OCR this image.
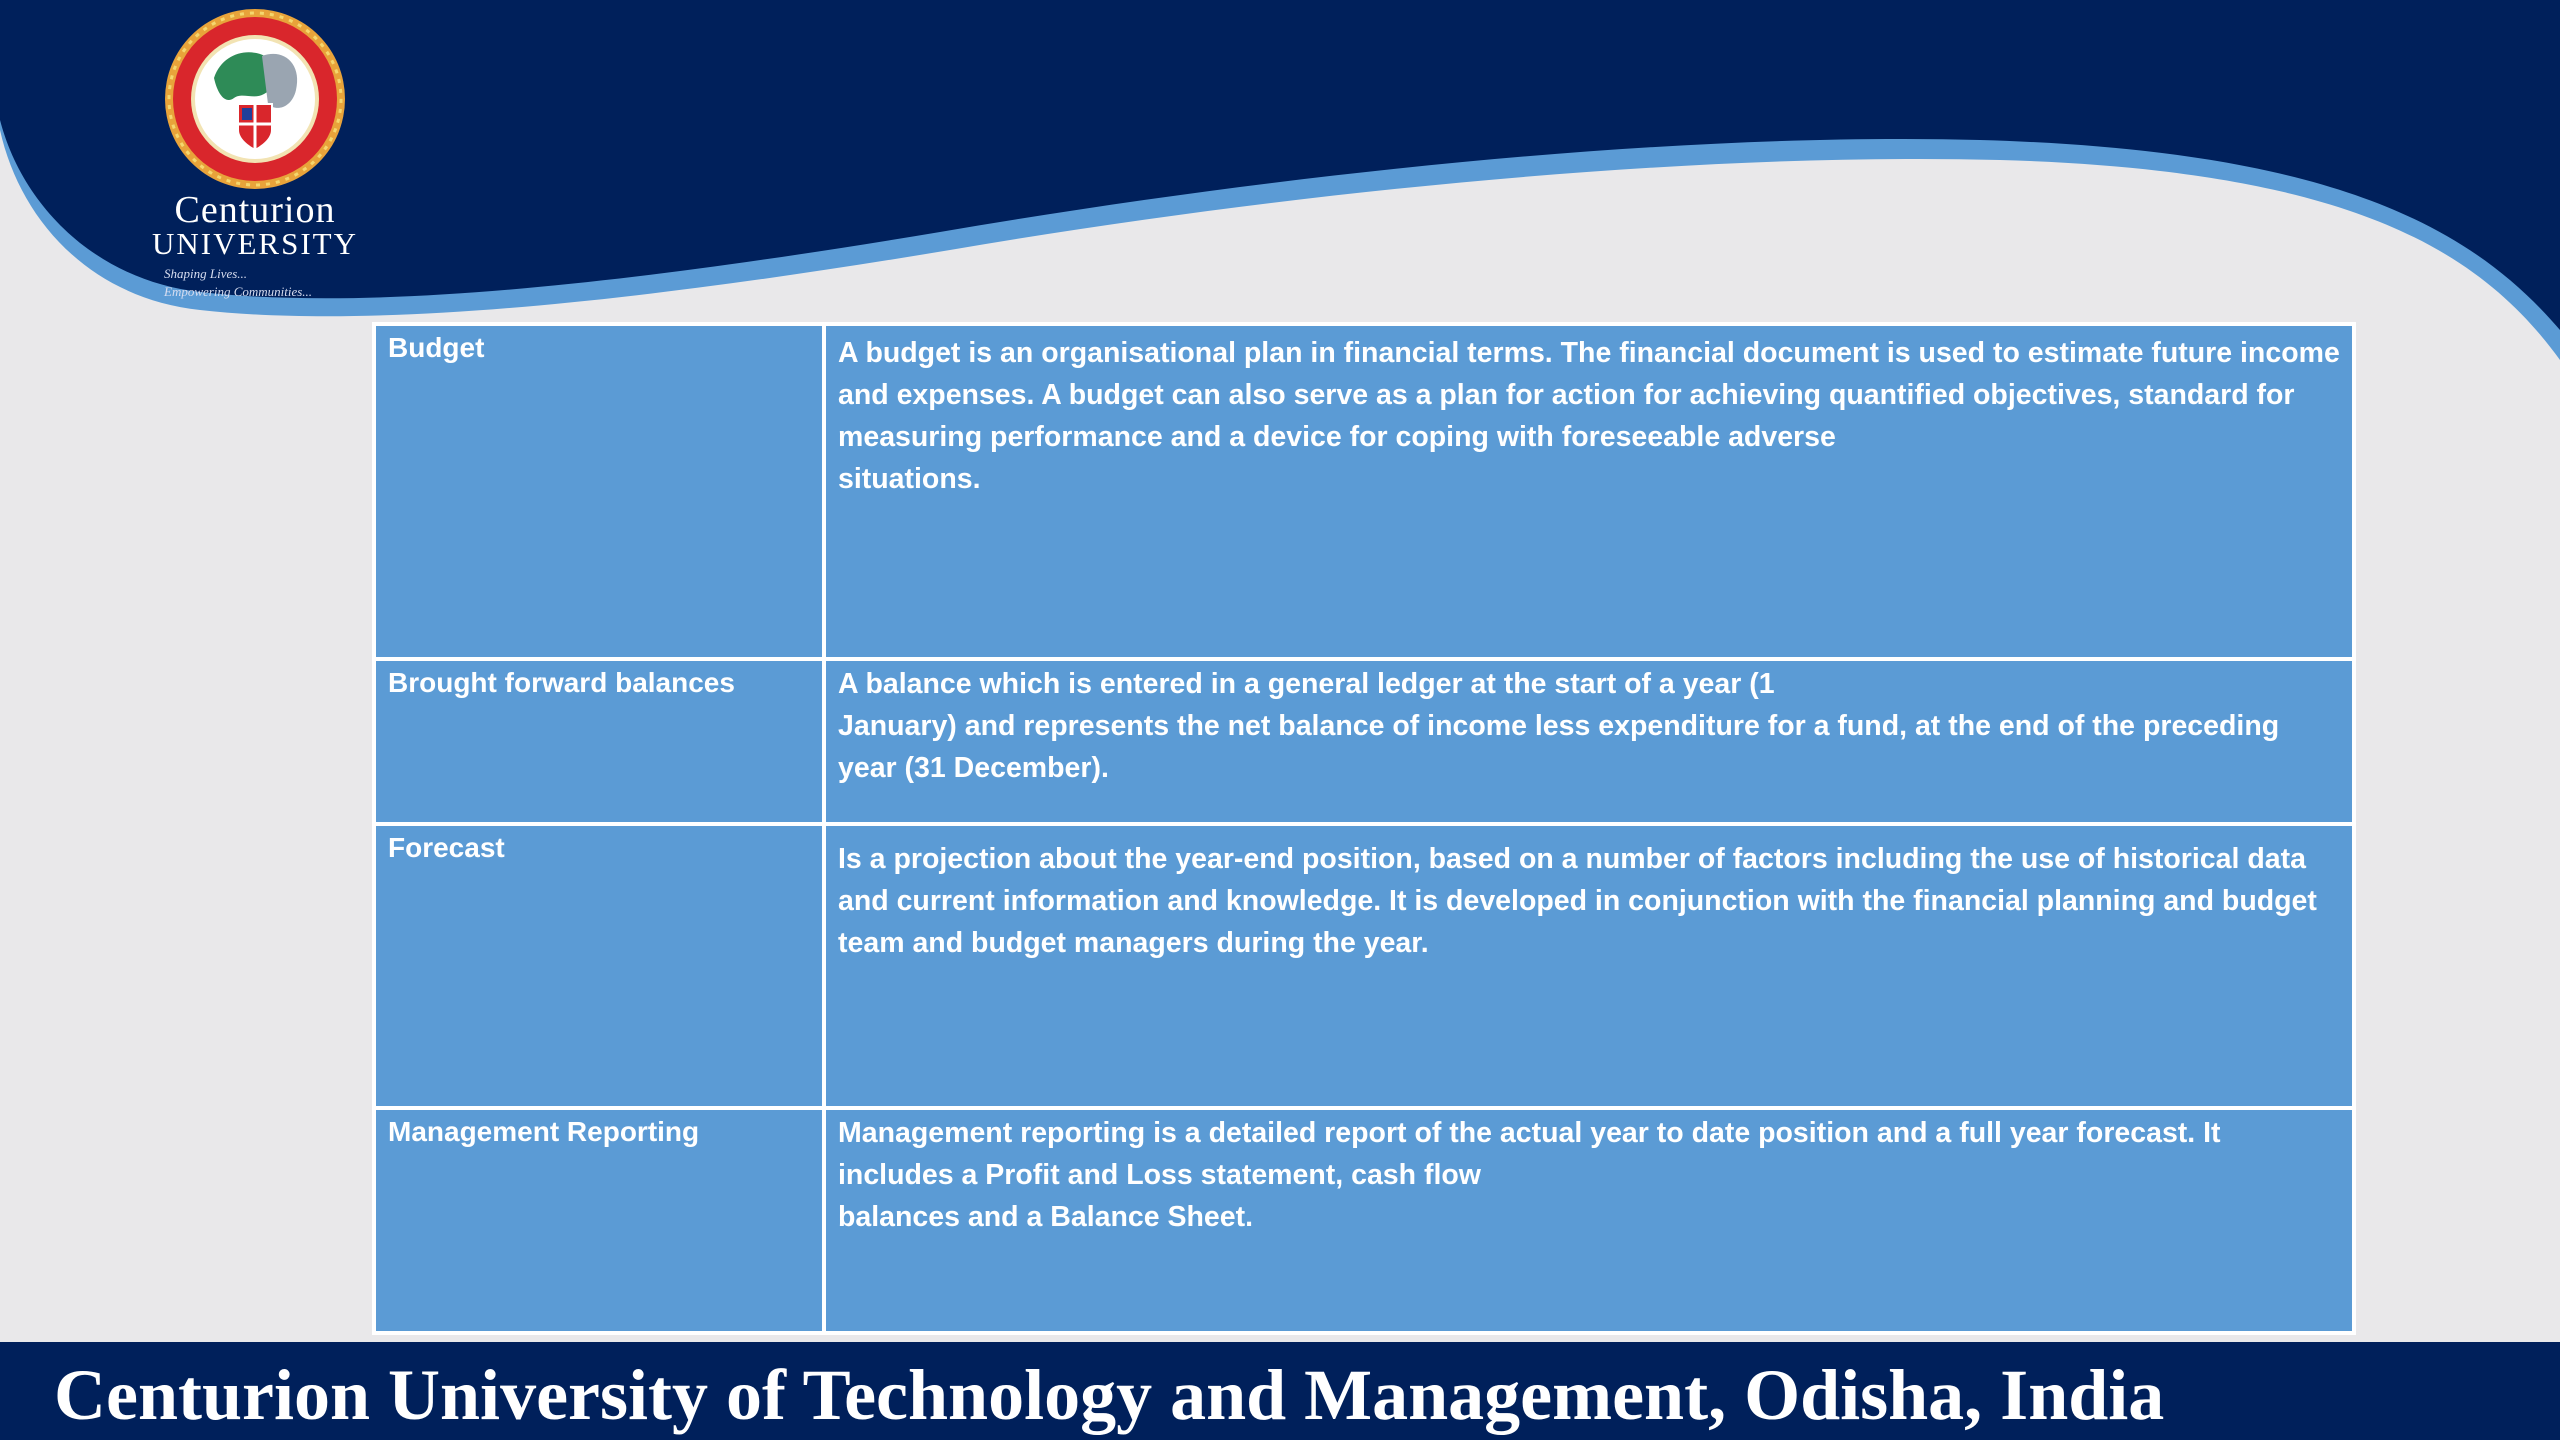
Centurion
UNIVERSITY
Shaping Lives...
Empowering Communities...
Budget	A budget is an organisational plan in financial terms. The financial document is used to estimate future income and expenses. A budget can also serve as a plan for action for achieving quantified objectives, standard for measuring performance and a device for coping with foreseeable adverse
situations.

Brought forward balances	A balance which is entered in a general ledger at the start of a year (1
January) and represents the net balance of income less expenditure for a fund, at the end of the preceding year (31 December).

Forecast	Is a projection about the year-end position, based on a number of factors including the use of historical data and current information and knowledge. It is developed in conjunction with the financial planning and budget team and budget managers during the year.

Management Reporting	Management reporting is a detailed report of the actual year to date position and a full year forecast. It includes a Profit and Loss statement, cash flow
balances and a Balance Sheet.
Centurion University of Technology and Management, Odisha, India
